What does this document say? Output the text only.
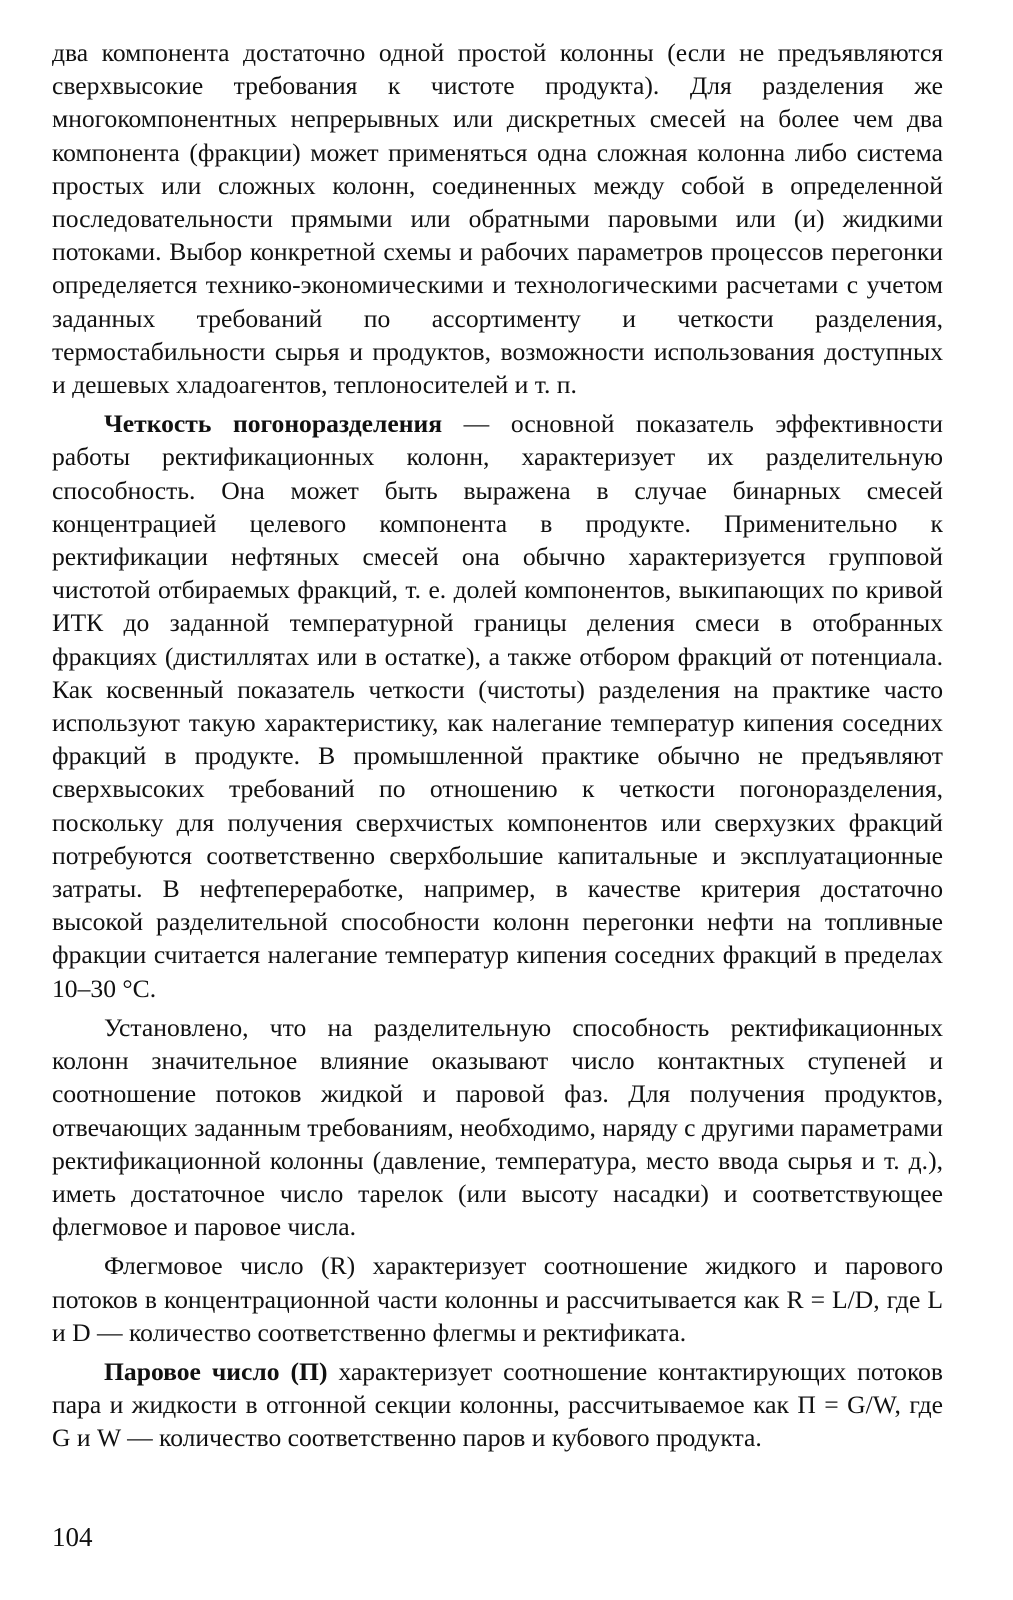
два компонента достаточно одной простой колонны (если не предъявляются сверхвысокие требования к чистоте продукта). Для разделения же многокомпонентных непрерывных или дискретных смесей на более чем два компонента (фракции) может применяться одна сложная колонна либо система простых или сложных колонн, соединенных между собой в определенной последовательности прямыми или обратными паровыми или (и) жидкими потоками. Выбор конкретной схемы и рабочих параметров процессов перегонки определяется технико-экономическими и технологическими расчетами с учетом заданных требований по ассортименту и четкости разделения, термостабильности сырья и продуктов, возможности использования доступных и дешевых хладоагентов, теплоносителей и т. п.

Четкость погоноразделения — основной показатель эффективности работы ректификационных колонн, характеризует их разделительную способность. Она может быть выражена в случае бинарных смесей концентрацией целевого компонента в продукте. Применительно к ректификации нефтяных смесей она обычно характеризуется групповой чистотой отбираемых фракций, т. е. долей компонентов, выкипающих по кривой ИТК до заданной температурной границы деления смеси в отобранных фракциях (дистиллятах или в остатке), а также отбором фракций от потенциала. Как косвенный показатель четкости (чистоты) разделения на практике часто используют такую характеристику, как налегание температур кипения соседних фракций в продукте. В промышленной практике обычно не предъявляют сверхвысоких требований по отношению к четкости погоноразделения, поскольку для получения сверхчистых компонентов или сверхузких фракций потребуются соответственно сверхбольшие капитальные и эксплуатационные затраты. В нефтепереработке, например, в качестве критерия достаточно высокой разделительной способности колонн перегонки нефти на топливные фракции считается налегание температур кипения соседних фракций в пределах 10–30 °С.

Установлено, что на разделительную способность ректификационных колонн значительное влияние оказывают число контактных ступеней и соотношение потоков жидкой и паровой фаз. Для получения продуктов, отвечающих заданным требованиям, необходимо, наряду с другими параметрами ректификационной колонны (давление, температура, место ввода сырья и т. д.), иметь достаточное число тарелок (или высоту насадки) и соответствующее флегмовое и паровое числа.

Флегмовое число (R) характеризует соотношение жидкого и парового потоков в концентрационной части колонны и рассчитывается как R = L/D, где L и D — количество соответственно флегмы и ректификата.

Паровое число (П) характеризует соотношение контактирующих потоков пара и жидкости в отгонной секции колонны, рассчитываемое как П = G/W, где G и W — количество соответственно паров и кубового продукта.

104
